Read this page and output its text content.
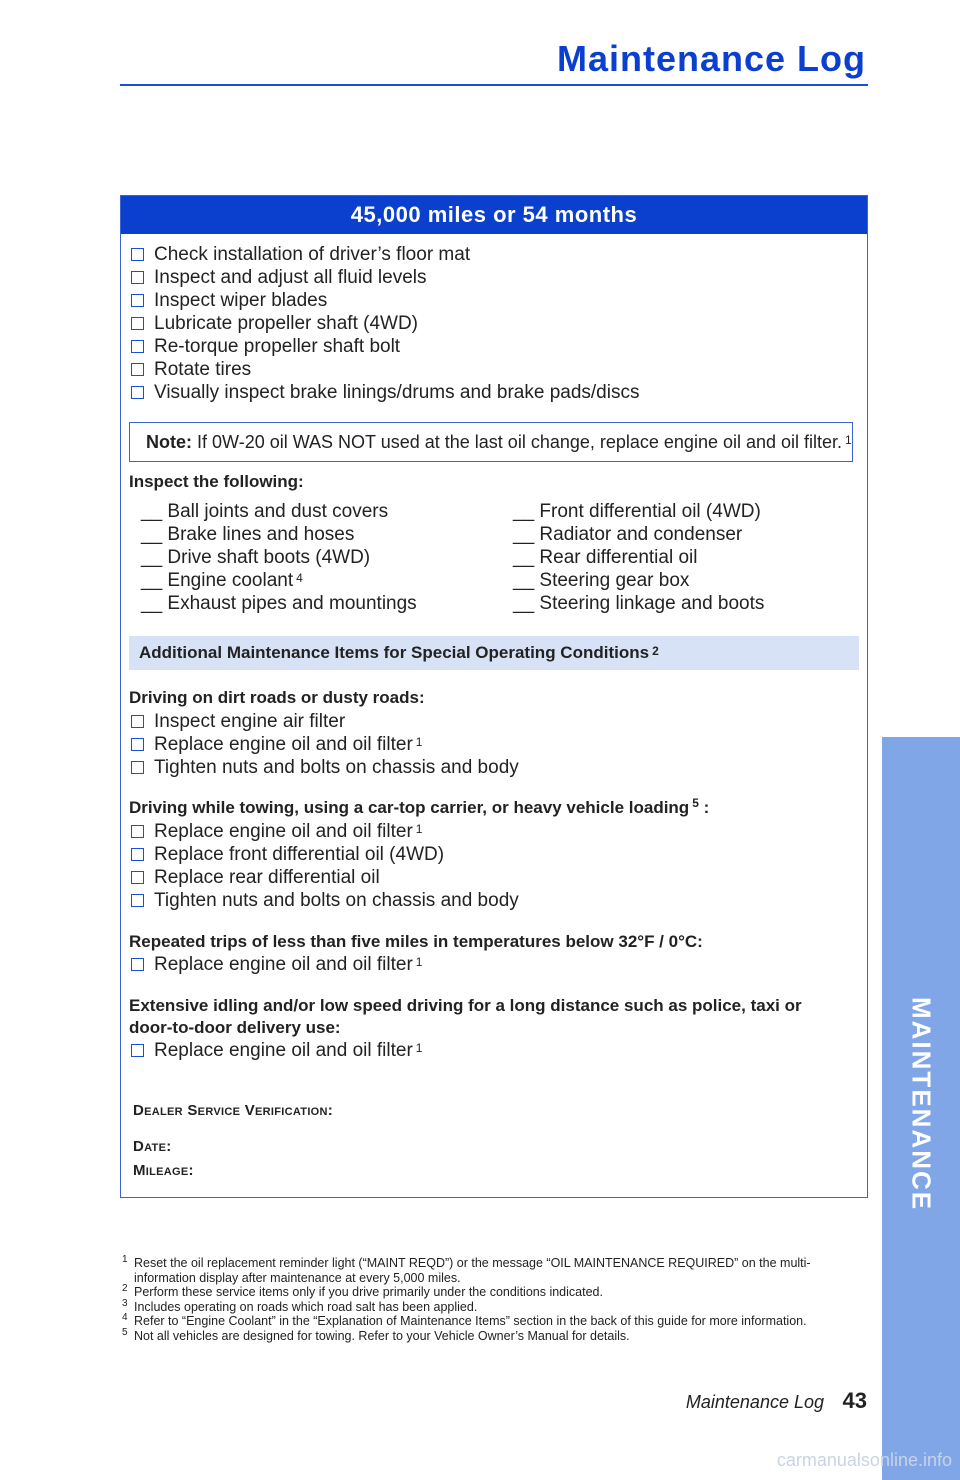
Maintenance Log
45,000 miles or 54 months
Check installation of driver’s floor mat
Inspect and adjust all fluid levels
Inspect wiper blades
Lubricate propeller shaft (4WD)
Re-torque propeller shaft bolt
Rotate tires
Visually inspect brake linings/drums and brake pads/discs
Note: If 0W-20 oil WAS NOT used at the last oil change, replace engine oil and oil filter. $^1$
Inspect the following:
__ Ball joints and dust covers
__ Brake lines and hoses
__ Drive shaft boots (4WD)
__ Engine coolant $^4$
__ Exhaust pipes and mountings
__ Front differential oil (4WD)
__ Radiator and condenser
__ Rear differential oil
__ Steering gear box
__ Steering linkage and boots
Additional Maintenance Items for Special Operating Conditions $^2$
Driving on dirt roads or dusty roads:
Inspect engine air filter
Replace engine oil and oil filter 1
Tighten nuts and bolts on chassis and body
Driving while towing, using a car-top carrier, or heavy vehicle loading $^5$ :
Replace engine oil and oil filter 1
Replace front differential oil (4WD)
Replace rear differential oil
Tighten nuts and bolts on chassis and body
Repeated trips of less than five miles in temperatures below 32°F / 0°C:
Replace engine oil and oil filter 1
Extensive idling and/or low speed driving for a long distance such as police, taxi or
door-to-door delivery use:
Replace engine oil and oil filter 1
Dealer Service Verification:
Date:
Mileage:
1 Reset the oil replacement reminder light (“MAINT REQD”) or the message “OIL MAINTENANCE REQUIRED” on the multi-information display after maintenance at every 5,000 miles.
2 Perform these service items only if you drive primarily under the conditions indicated.
3 Includes operating on roads which road salt has been applied.
4 Refer to “Engine Coolant” in the “Explanation of Maintenance Items” section in the back of this guide for more information.
5 Not all vehicles are designed for towing. Refer to your Vehicle Owner’s Manual for details.
Maintenance Log 43
MAINTENANCE
carmanualsonline.info
